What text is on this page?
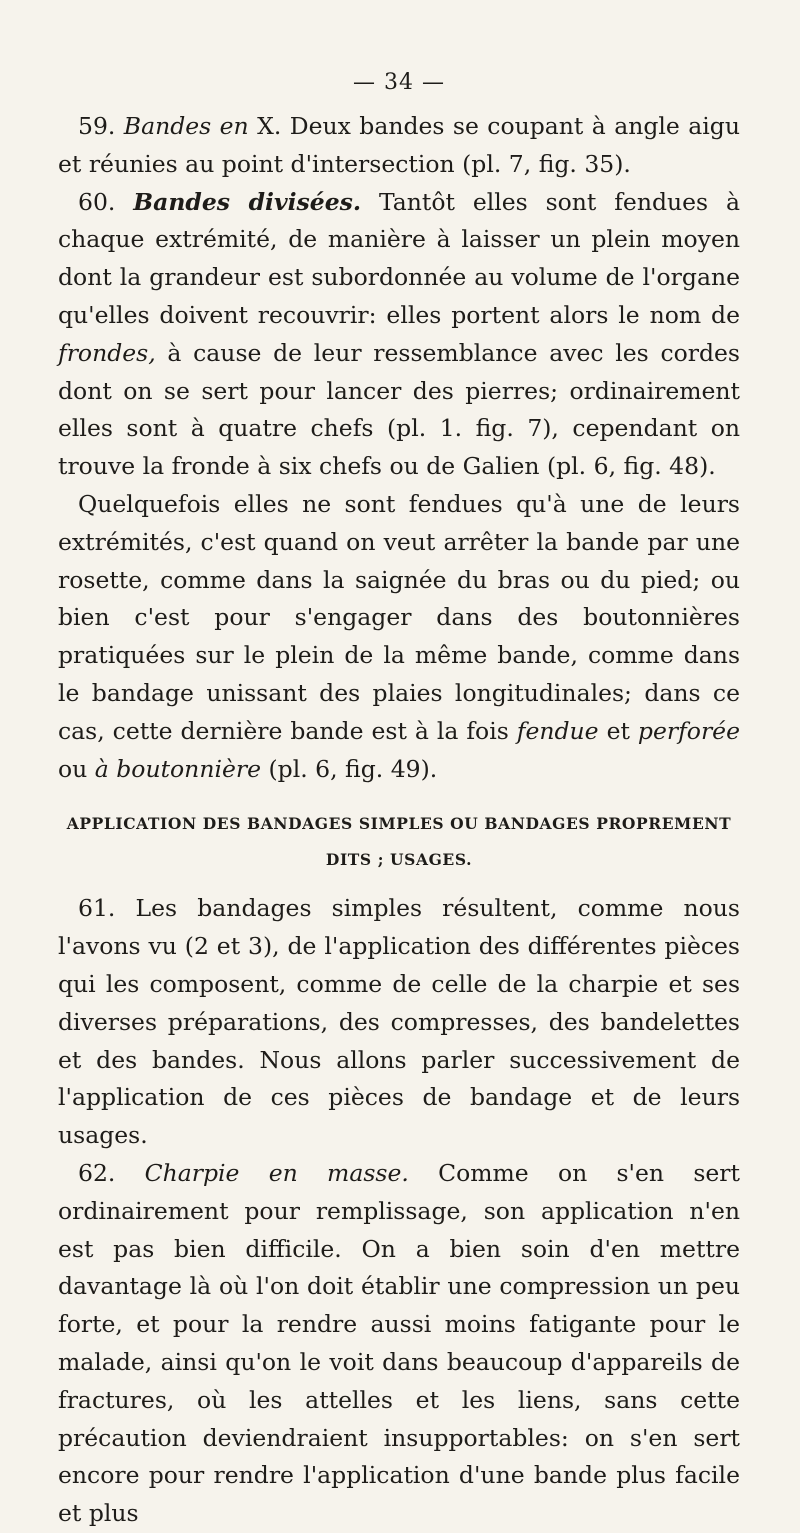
— 34 —

59. Bandes en X. Deux bandes se coupant à angle aigu et réunies au point d'intersection (pl. 7, fig. 35).

60. Bandes divisées. Tantôt elles sont fendues à chaque extrémité, de manière à laisser un plein moyen dont la grandeur est subordonnée au volume de l'organe qu'elles doivent recouvrir: elles portent alors le nom de frondes, à cause de leur ressemblance avec les cordes dont on se sert pour lancer des pierres; ordinairement elles sont à quatre chefs (pl. 1. fig. 7), cependant on trouve la fronde à six chefs ou de Galien (pl. 6, fig. 48).

Quelquefois elles ne sont fendues qu'à une de leurs extrémités, c'est quand on veut arrêter la bande par une rosette, comme dans la saignée du bras ou du pied; ou bien c'est pour s'engager dans des boutonnières pratiquées sur le plein de la même bande, comme dans le bandage unissant des plaies longitudinales; dans ce cas, cette dernière bande est à la fois fendue et perforée ou à boutonnière (pl. 6, fig. 49).

APPLICATION DES BANDAGES SIMPLES OU BANDAGES PROPREMENT
DITS ; USAGES.

61. Les bandages simples résultent, comme nous l'avons vu (2 et 3), de l'application des différentes pièces qui les composent, comme de celle de la charpie et ses diverses préparations, des compresses, des bandelettes et des bandes. Nous allons parler successivement de l'application de ces pièces de bandage et de leurs usages.

62. Charpie en masse. Comme on s'en sert ordinairement pour remplissage, son application n'en est pas bien difficile. On a bien soin d'en mettre davantage là où l'on doit établir une compression un peu forte, et pour la rendre aussi moins fatigante pour le malade, ainsi qu'on le voit dans beaucoup d'appareils de fractures, où les attelles et les liens, sans cette précaution deviendraient insupportables: on s'en sert encore pour rendre l'application d'une bande plus facile et plus
